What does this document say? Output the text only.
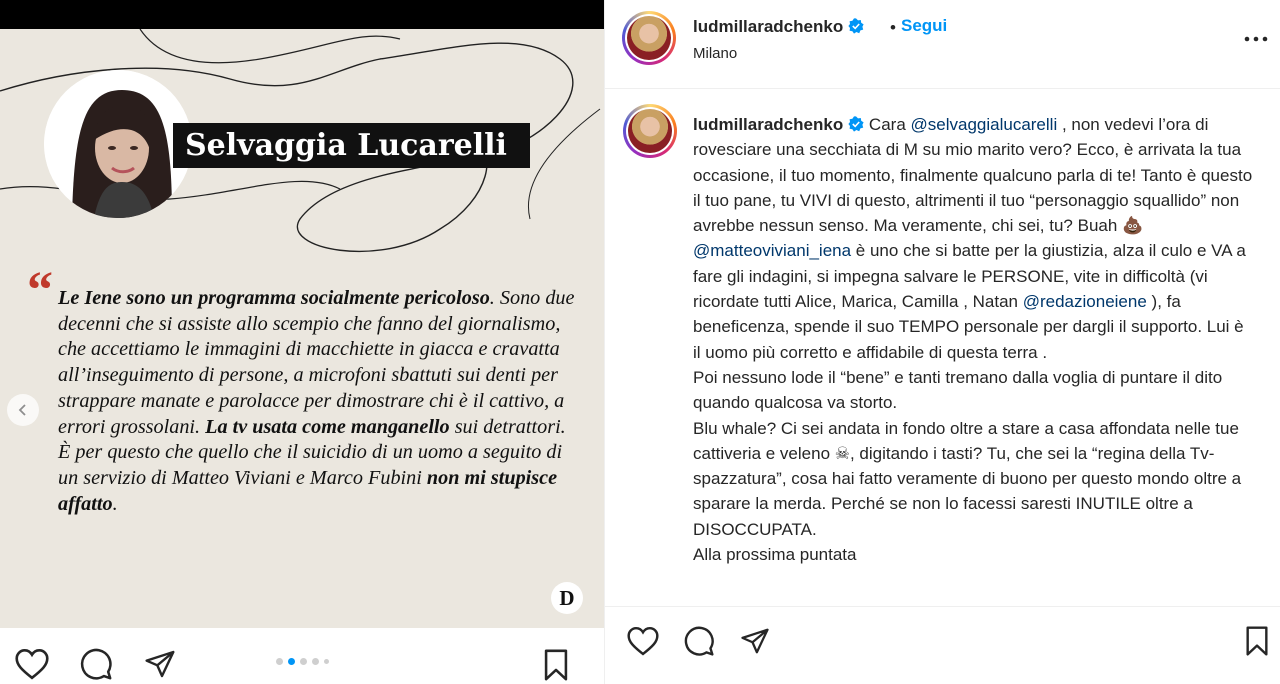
Selvaggia Lucarelli
“ Le Iene sono un programma socialmente pericoloso. Sono due decenni che si assiste allo scempio che fanno del giornalismo, che accettiamo le immagini di macchiette in giacca e cravatta all’inseguimento di persone, a microfoni sbattuti sui denti per strappare manate e parolacce per dimostrare chi è il cattivo, a errori grossolani. La tv usata come manganello sui detrattori. È per questo che quello che il suicidio di un uomo a seguito di un servizio di Matteo Viviani e Marco Fubini non mi stupisce affatto.
D
ludmillaradchenko	• Segui
Milano
ludmillaradchenko Cara @selvaggialucarelli , non vedevi l’ora di rovesciare una secchiata di M su mio marito vero? Ecco, è arrivata la tua occasione, il tuo momento, finalmente qualcuno parla di te! Tanto è questo il tuo pane, tu VIVI di questo, altrimenti il tuo “personaggio squallido” non avrebbe nessun senso. Ma veramente, chi sei, tu? Buah 💩 @matteoviviani_iena è uno che si batte per la giustizia, alza il culo e VA a fare gli indagini, si impegna salvare le PERSONE, vite in difficoltà (vi ricordate tutti Alice, Marica, Camilla , Natan @redazioneiene ), fa beneficenza, spende il suo TEMPO personale per dargli il supporto. Lui è il uomo più corretto e affidabile di questa terra .
Poi nessuno lode il “bene” e tanti tremano dalla voglia di puntare il dito quando qualcosa va storto.
Blu whale? Ci sei andata in fondo oltre a stare a casa affondata nelle tue cattiveria e veleno ☠, digitando i tasti? Tu, che sei la “regina della Tv- spazzatura”, cosa hai fatto veramente di buono per questo mondo oltre a sparare la merda. Perché se non lo facessi saresti INUTILE oltre a DISOCCUPATA.
Alla prossima puntata
